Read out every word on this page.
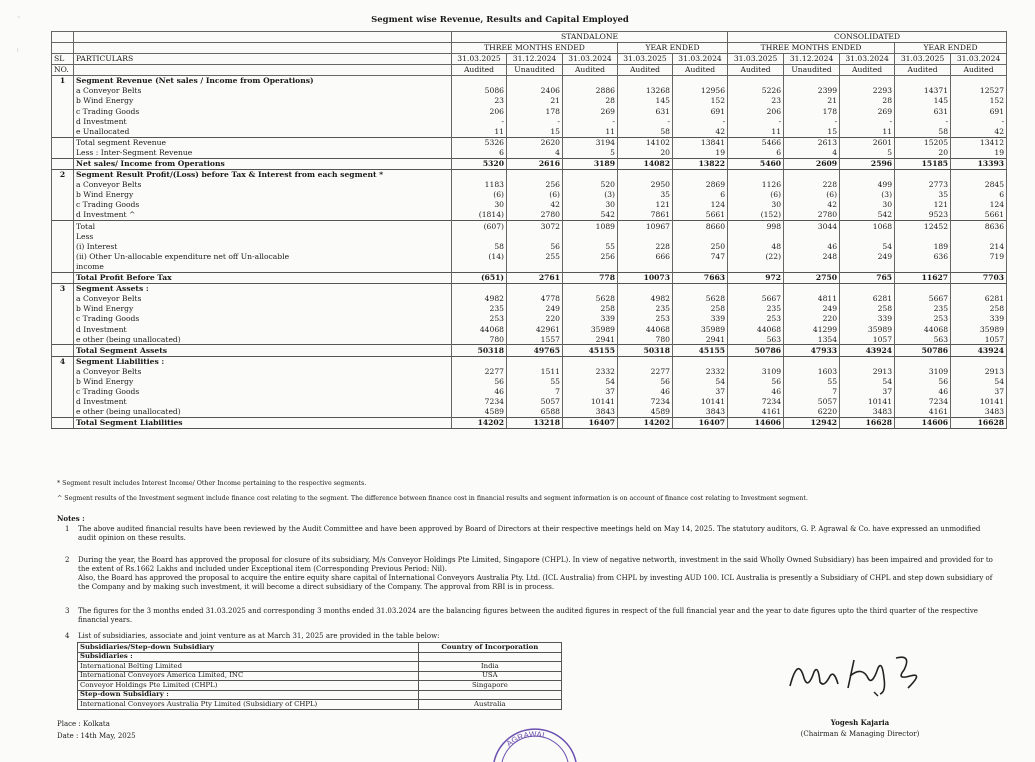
Segment wise Revenue, Results and Capital Employed
		STANDALONE					CONSOLIDATED				
		THREE MONTHS ENDED			YEAR ENDED		THREE MONTHS ENDED			YEAR ENDED	
SL	PARTICULARS	31.03.2025	31.12.2024	31.03.2024	31.03.2025	31.03.2024	31.03.2025	31.12.2024	31.03.2024	31.03.2025	31.03.2024
NO.		Audited	Unaudited	Audited	Audited	Audited	Audited	Unaudited	Audited	Audited	Audited
1	Segment Revenue (Net sales / Income from Operations)										
	a Conveyor Belts	5086	2406	2886	13268	12956	5226	2399	2293	14371	12527
	b Wind Energy	23	21	28	145	152	23	21	28	145	152
	c Trading Goods	206	178	269	631	691	206	178	269	631	691
	d Investment	-	-	-	-	-	-	-	-	-	-
	e Unallocated	11	15	11	58	42	11	15	11	58	42
	Total segment Revenue	5326	2620	3194	14102	13841	5466	2613	2601	15205	13412
	Less : Inter-Segment Revenue	6	4	5	20	19	6	4	5	20	19
	Net sales/ Income from Operations	5320	2616	3189	14082	13822	5460	2609	2596	15185	13393
2	Segment Result Profit/(Loss) before Tax & Interest from each segment *										
	a Conveyor Belts	1183	256	520	2950	2869	1126	228	499	2773	2845
	b Wind Energy	(6)	(6)	(3)	35	6	(6)	(6)	(3)	35	6
	c Trading Goods	30	42	30	121	124	30	42	30	121	124
	d Investment ^	(1814)	2780	542	7861	5661	(152)	2780	542	9523	5661
	Total	(607)	3072	1089	10967	8660	998	3044	1068	12452	8636
	Less										
	(i) Interest	58	56	55	228	250	48	46	54	189	214
	(ii) Other Un-allocable expenditure net off Un-allocable	(14)	255	256	666	747	(22)	248	249	636	719
	income										
	Total Profit Before Tax	(651)	2761	778	10073	7663	972	2750	765	11627	7703
3	Segment Assets :										
	a Conveyor Belts	4982	4778	5628	4982	5628	5667	4811	6281	5667	6281
	b Wind Energy	235	249	258	235	258	235	249	258	235	258
	c Trading Goods	253	220	339	253	339	253	220	339	253	339
	d Investment	44068	42961	35989	44068	35989	44068	41299	35989	44068	35989
	e other (being unallocated)	780	1557	2941	780	2941	563	1354	1057	563	1057
	Total Segment Assets	50318	49765	45155	50318	45155	50786	47933	43924	50786	43924
4	Segment Liabilities :										
	a Conveyor Belts	2277	1511	2332	2277	2332	3109	1603	2913	3109	2913
	b Wind Energy	56	55	54	56	54	56	55	54	56	54
	c Trading Goods	46	7	37	46	37	46	7	37	46	37
	d Investment	7234	5057	10141	7234	10141	7234	5057	10141	7234	10141
	e other (being unallocated)	4589	6588	3843	4589	3843	4161	6220	3483	4161	3483
	Total Segment Liabilities	14202	13218	16407	14202	16407	14606	12942	16628	14606	16628
* Segment result includes Interest Income/ Other Income pertaining to the respective segments.
^ Segment results of the Investment segment include finance cost relating to the segment. The difference between finance cost in financial results and segment information is on account of finance cost relating to Investment segment.
Notes :
1 The above audited financial results have been reviewed by the Audit Committee and have been approved by Board of Directors at their respective meetings held on May 14, 2025. The statutory auditors, G. P. Agrawal & Co. have expressed an unmodified audit opinion on these results.
2 During the year, the Board has approved the proposal for closure of its subsidiary, M/s Conveyor Holdings Pte Limited, Singapore (CHPL). In view of negative networth, investment in the said Wholly Owned Subsidiary) has been impaired and provided for to the extent of Rs.1662 Lakhs and included under Exceptional item (Corresponding Previous Period: Nil).
Also, the Board has approved the proposal to acquire the entire equity share capital of International Conveyors Australia Pty. Ltd. (ICL Australia) from CHPL by investing AUD 100. ICL Australia is presently a Subsidiary of CHPL and step down subsidiary of the Company and by making such investment, it will become a direct subsidiary of the Company. The approval from RBI is in process.
3 The figures for the 3 months ended 31.03.2025 and corresponding 3 months ended 31.03.2024 are the balancing figures between the audited figures in respect of the full financial year and the year to date figures upto the third quarter of the respective financial years.
4 List of subsidiaries, associate and joint venture as at March 31, 2025 are provided in the table below:
Subsidiaries/Step-down Subsidiary	Country of Incorporation
Subsidiaries :	
International Belting Limited	India
International Conveyors America Limited, INC	USA
Conveyor Holdings Pte Limited (CHPL)	Singapore
Step-down Subsidiary :	
International Conveyors Australia Pty Limited (Subsidiary of CHPL)	Australia
Place : Kolkata
Date : 14th May, 2025
Yogesh Kajaria
(Chairman & Managing Director)
AGRAWAL
◦
∶
